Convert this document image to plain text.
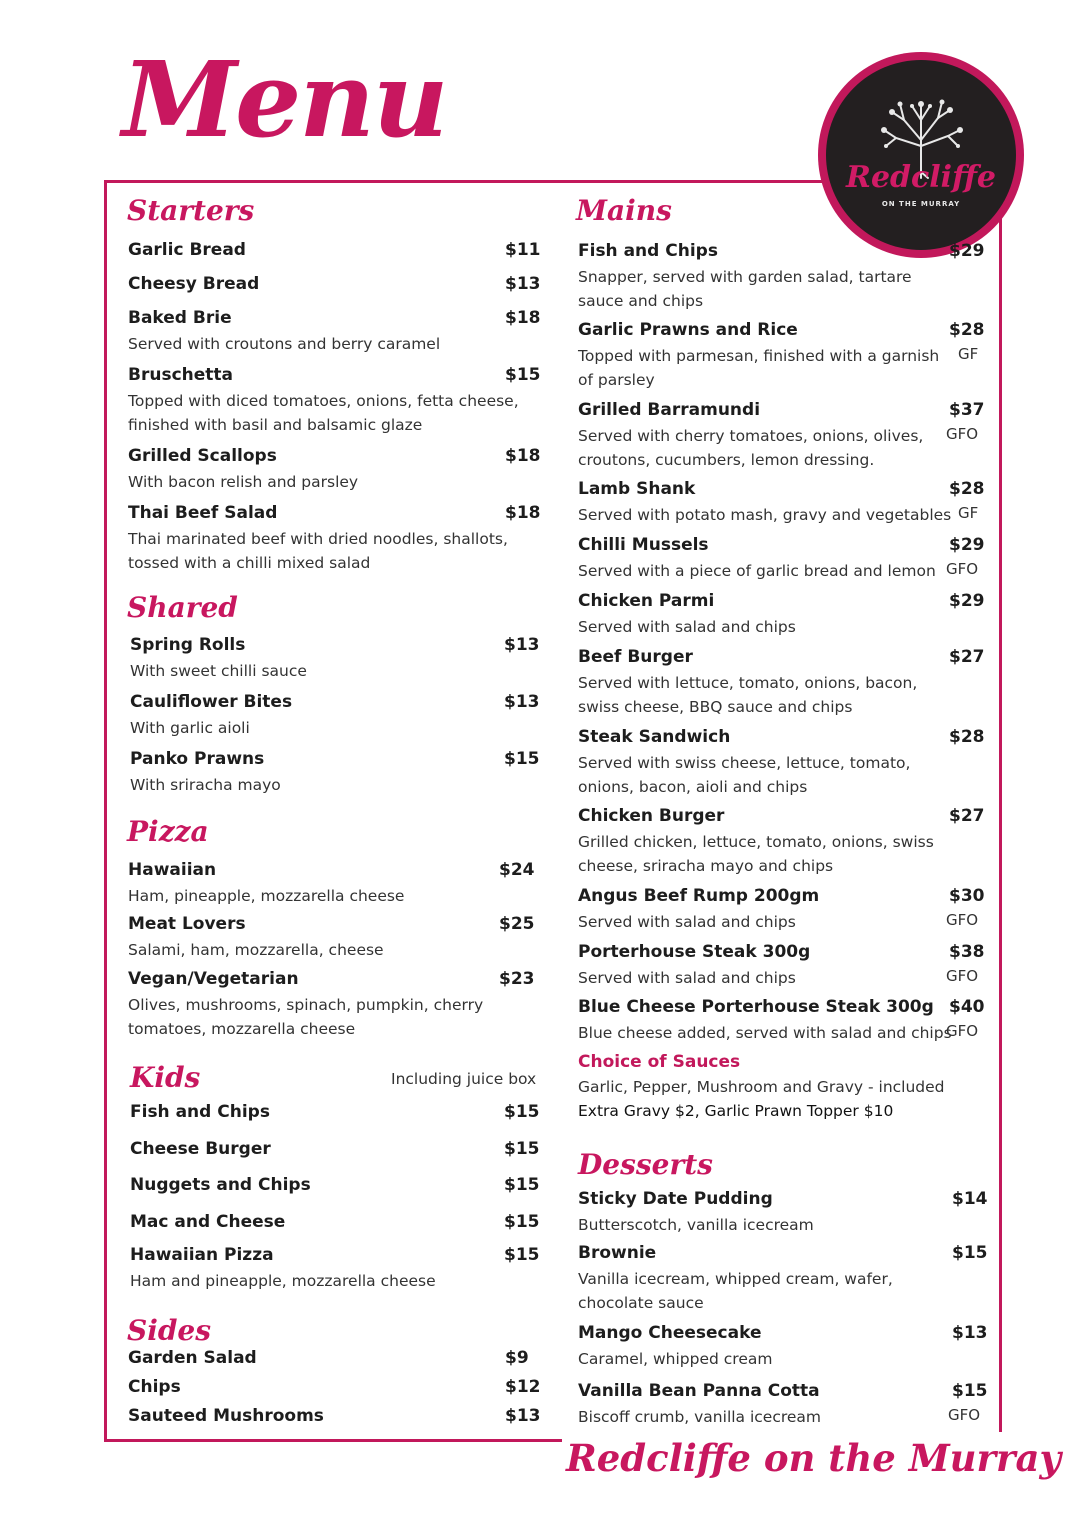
Menu
Redcliffe
ON THE MURRAY
Starters
Shared
Pizza
Kids	Including juice box
Sides
Mains
Desserts
Choice of Sauces
Garlic, Pepper, Mushroom and Gravy - included
Extra Gravy $2, Garlic Prawn Topper $10
Redcliffe on the Murray
Garlic Bread	$11
Cheesy Bread	$13
Baked Brie	$18
Served with croutons and berry caramel
Bruschetta	$15
Topped with diced tomatoes, onions, fetta cheese, finished with basil and balsamic glaze
Grilled Scallops	$18
With bacon relish and parsley
Thai Beef Salad	$18
Thai marinated beef with dried noodles, shallots, tossed with a chilli mixed salad
Spring Rolls	$13
With sweet chilli sauce
Cauliflower Bites	$13
With garlic aioli
Panko Prawns	$15
With sriracha mayo
Hawaiian	$24
Ham, pineapple, mozzarella cheese
Meat Lovers	$25
Salami, ham, mozzarella, cheese
Vegan/Vegetarian	$23
Olives, mushrooms, spinach, pumpkin, cherry tomatoes, mozzarella cheese
Fish and Chips	$15
Cheese Burger	$15
Nuggets and Chips	$15
Mac and Cheese	$15
Hawaiian Pizza	$15
Ham and pineapple, mozzarella cheese
Garden Salad	$9
Chips	$12
Sauteed Mushrooms	$13
Fish and Chips	$29
Snapper, served with garden salad, tartare sauce and chips
Garlic Prawns and Rice	$28
Topped with parmesan, finished with a garnish of parsley
GF
Grilled Barramundi	$37
Served with cherry tomatoes, onions, olives, croutons, cucumbers, lemon dressing.
GFO
Lamb Shank	$28
Served with potato mash, gravy and vegetables GF
Chilli Mussels	$29
Served with a piece of garlic bread and lemon GFO
Chicken Parmi	$29
Served with salad and chips
Beef Burger	$27
Served with lettuce, tomato, onions, bacon, swiss cheese, BBQ sauce and chips
Steak Sandwich	$28
Served with swiss cheese, lettuce, tomato, onions, bacon, aioli and chips
Chicken Burger	$27
Grilled chicken, lettuce, tomato, onions, swiss cheese, sriracha mayo and chips
Angus Beef Rump 200gm	$30
Served with salad and chips	GFO
Porterhouse Steak 300g	$38
Served with salad and chips	GFO
Blue Cheese Porterhouse Steak 300g $40
Blue cheese added, served with salad and chips
GFO
Sticky Date Pudding	$14
Butterscotch, vanilla icecream
Brownie	$15
Vanilla icecream, whipped cream, wafer, chocolate sauce
Mango Cheesecake	$13
Caramel, whipped cream
Vanilla Bean Panna Cotta	$15
Biscoff crumb, vanilla icecream	GFO
